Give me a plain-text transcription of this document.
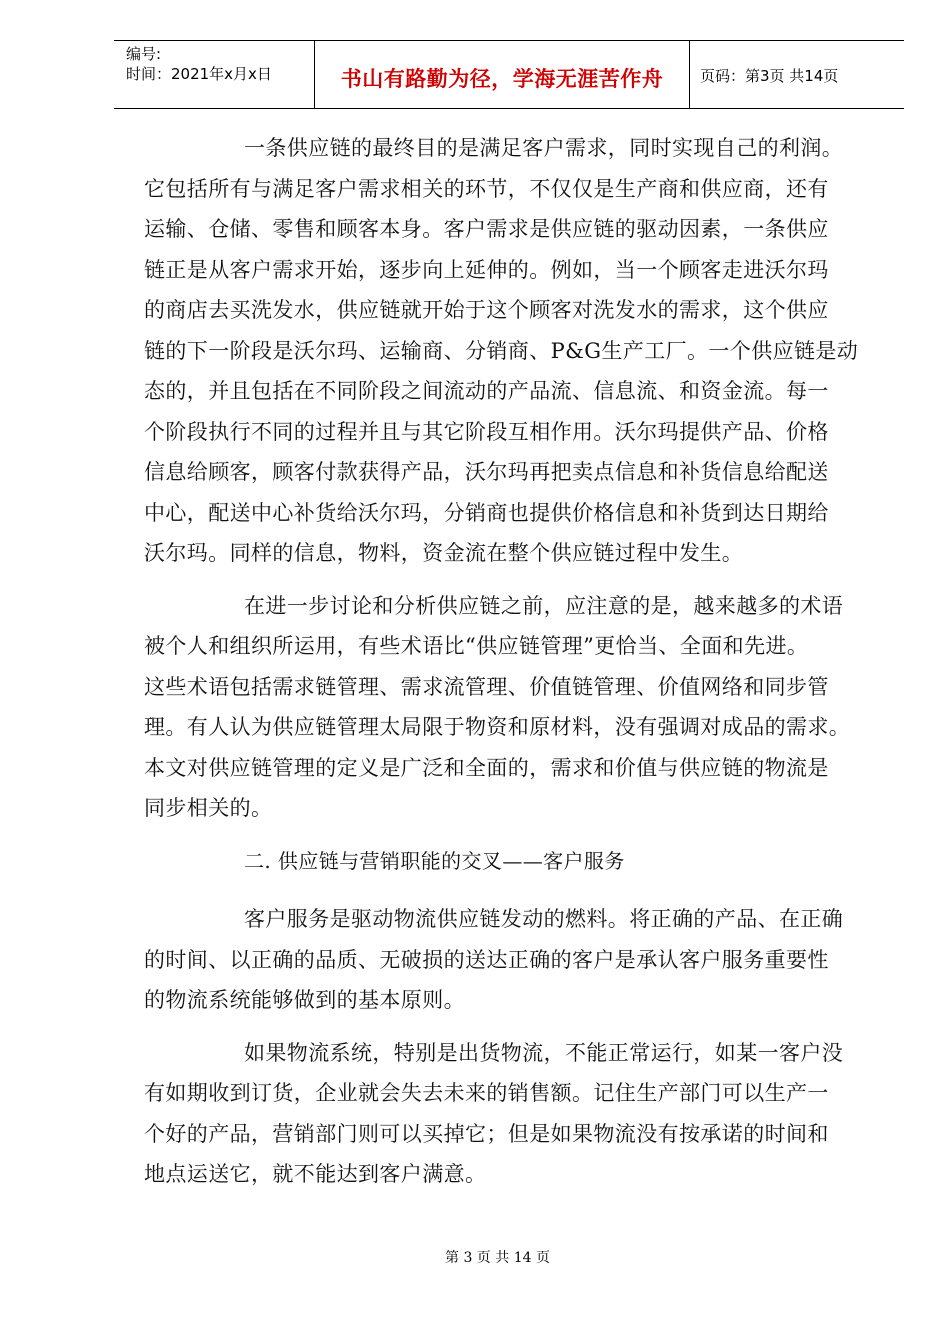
编号:
时间：2021年x月x日	书山有路勤为径，学海无涯苦作舟	页码：第3页 共14页
一条供应链的最终目的是满足客户需求，同时实现自己的利润。
它包括所有与满足客户需求相关的环节，不仅仅是生产商和供应商，还有
运输、仓储、零售和顾客本身。客户需求是供应链的驱动因素，一条供应
链正是从客户需求开始，逐步向上延伸的。例如，当一个顾客走进沃尔玛
的商店去买洗发水，供应链就开始于这个顾客对洗发水的需求，这个供应
链的下一阶段是沃尔玛、运输商、分销商、P&G生产工厂。一个供应链是动
态的，并且包括在不同阶段之间流动的产品流、信息流、和资金流。每一
个阶段执行不同的过程并且与其它阶段互相作用。沃尔玛提供产品、价格
信息给顾客，顾客付款获得产品，沃尔玛再把卖点信息和补货信息给配送
中心，配送中心补货给沃尔玛，分销商也提供价格信息和补货到达日期给
沃尔玛。同样的信息，物料，资金流在整个供应链过程中发生。
在进一步讨论和分析供应链之前，应注意的是，越来越多的术语
被个人和组织所运用，有些术语比“供应链管理”更恰当、全面和先进。
这些术语包括需求链管理、需求流管理、价值链管理、价值网络和同步管
理。有人认为供应链管理太局限于物资和原材料，没有强调对成品的需求。
本文对供应链管理的定义是广泛和全面的，需求和价值与供应链的物流是
同步相关的。
二. 供应链与营销职能的交叉——客户服务
客户服务是驱动物流供应链发动的燃料。将正确的产品、在正确
的时间、以正确的品质、无破损的送达正确的客户是承认客户服务重要性
的物流系统能够做到的基本原则。
如果物流系统，特别是出货物流，不能正常运行，如某一客户没
有如期收到订货，企业就会失去未来的销售额。记住生产部门可以生产一
个好的产品，营销部门则可以买掉它；但是如果物流没有按承诺的时间和
地点运送它，就不能达到客户满意。
第 3 页 共 14 页
